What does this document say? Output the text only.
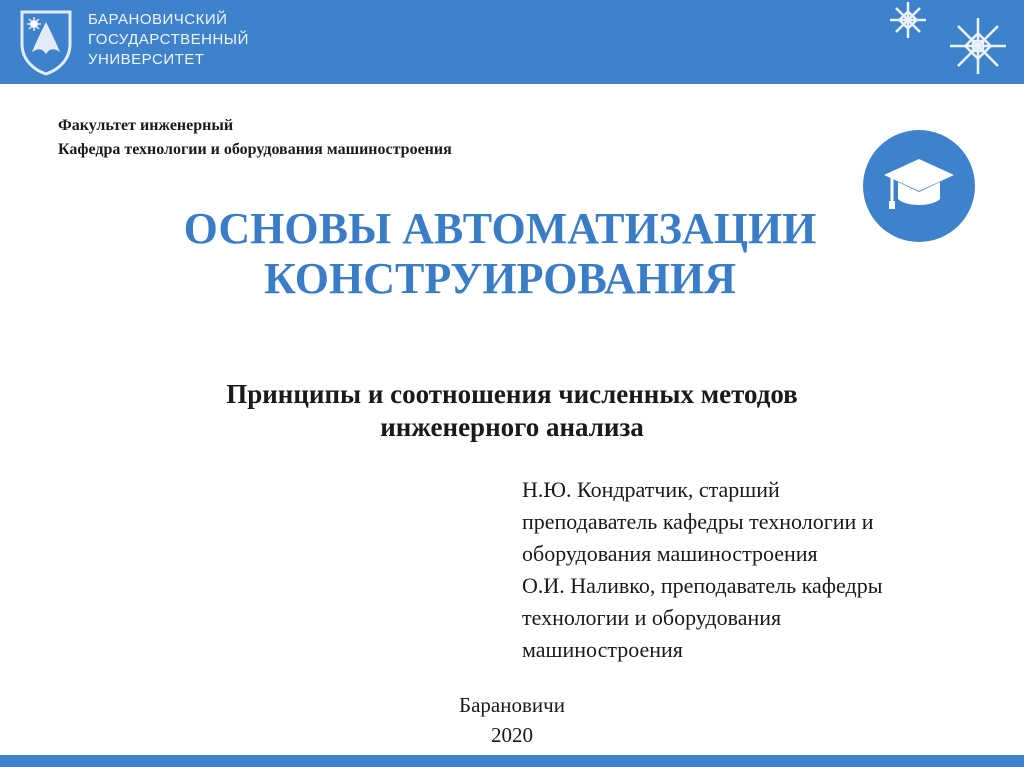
БАРАНОВИЧСКИЙ
ГОСУДАРСТВЕННЫЙ
УНИВЕРСИТЕТ
Факультет инженерный
Кафедра технологии и оборудования машиностроения
ОСНОВЫ АВТОМАТИЗАЦИИ
КОНСТРУИРОВАНИЯ
Принципы и соотношения численных методов
инженерного анализа
Н.Ю. Кондратчик, старший
преподаватель кафедры технологии и
оборудования машиностроения
О.И. Наливко, преподаватель кафедры
технологии и оборудования
машиностроения
Барановичи
2020
